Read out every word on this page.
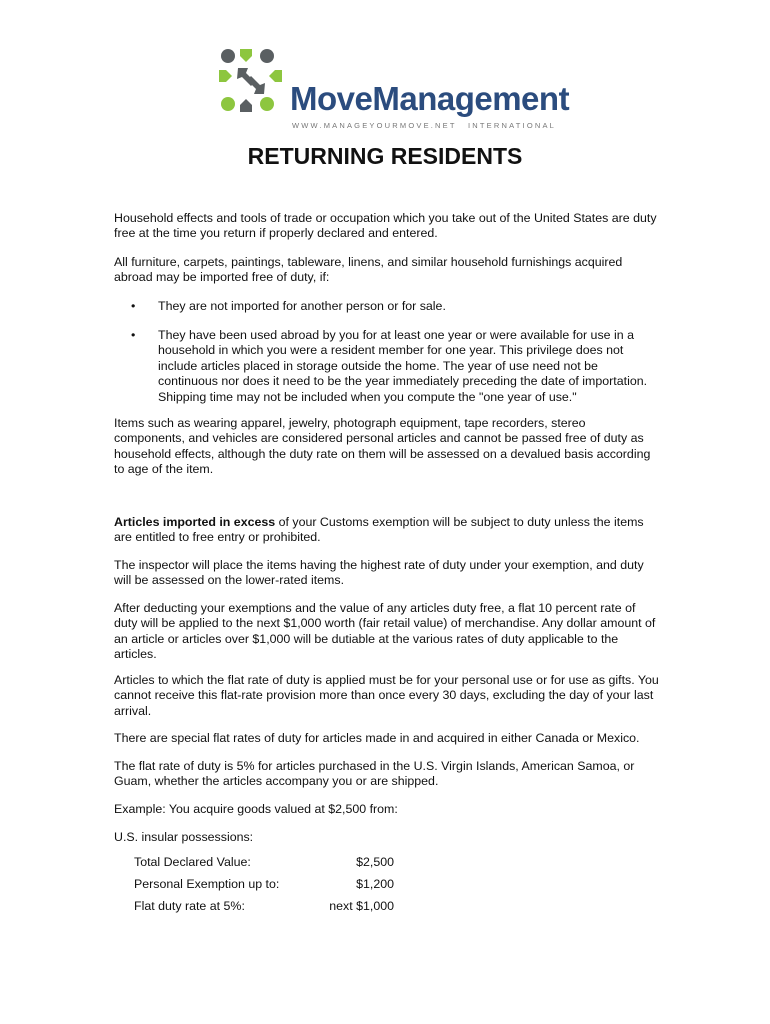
MoveManagement
WWW.MANAGEYOURMOVE.NET INTERNATIONAL
RETURNING RESIDENTS

Household effects and tools of trade or occupation which you take out of the United States are duty free at the time you return if properly declared and entered.

All furniture, carpets, paintings, tableware, linens, and similar household furnishings acquired abroad may be imported free of duty, if:

• They are not imported for another person or for sale.
• They have been used abroad by you for at least one year or were available for use in a household in which you were a resident member for one year. This privilege does not include articles placed in storage outside the home. The year of use need not be continuous nor does it need to be the year immediately preceding the date of importation. Shipping time may not be included when you compute the "one year of use."

Items such as wearing apparel, jewelry, photograph equipment, tape recorders, stereo components, and vehicles are considered personal articles and cannot be passed free of duty as household effects, although the duty rate on them will be assessed on a devalued basis according to age of the item.

Articles imported in excess of your Customs exemption will be subject to duty unless the items are entitled to free entry or prohibited.

The inspector will place the items having the highest rate of duty under your exemption, and duty will be assessed on the lower-rated items.

After deducting your exemptions and the value of any articles duty free, a flat 10 percent rate of duty will be applied to the next $1,000 worth (fair retail value) of merchandise. Any dollar amount of an article or articles over $1,000 will be dutiable at the various rates of duty applicable to the articles.

Articles to which the flat rate of duty is applied must be for your personal use or for use as gifts. You cannot receive this flat-rate provision more than once every 30 days, excluding the day of your last arrival.

There are special flat rates of duty for articles made in and acquired in either Canada or Mexico.

The flat rate of duty is 5% for articles purchased in the U.S. Virgin Islands, American Samoa, or Guam, whether the articles accompany you or are shipped.

Example: You acquire goods valued at $2,500 from:

U.S. insular possessions:

Total Declared Value:	$2,500
Personal Exemption up to:	$1,200
Flat duty rate at 5%:	next $1,000
